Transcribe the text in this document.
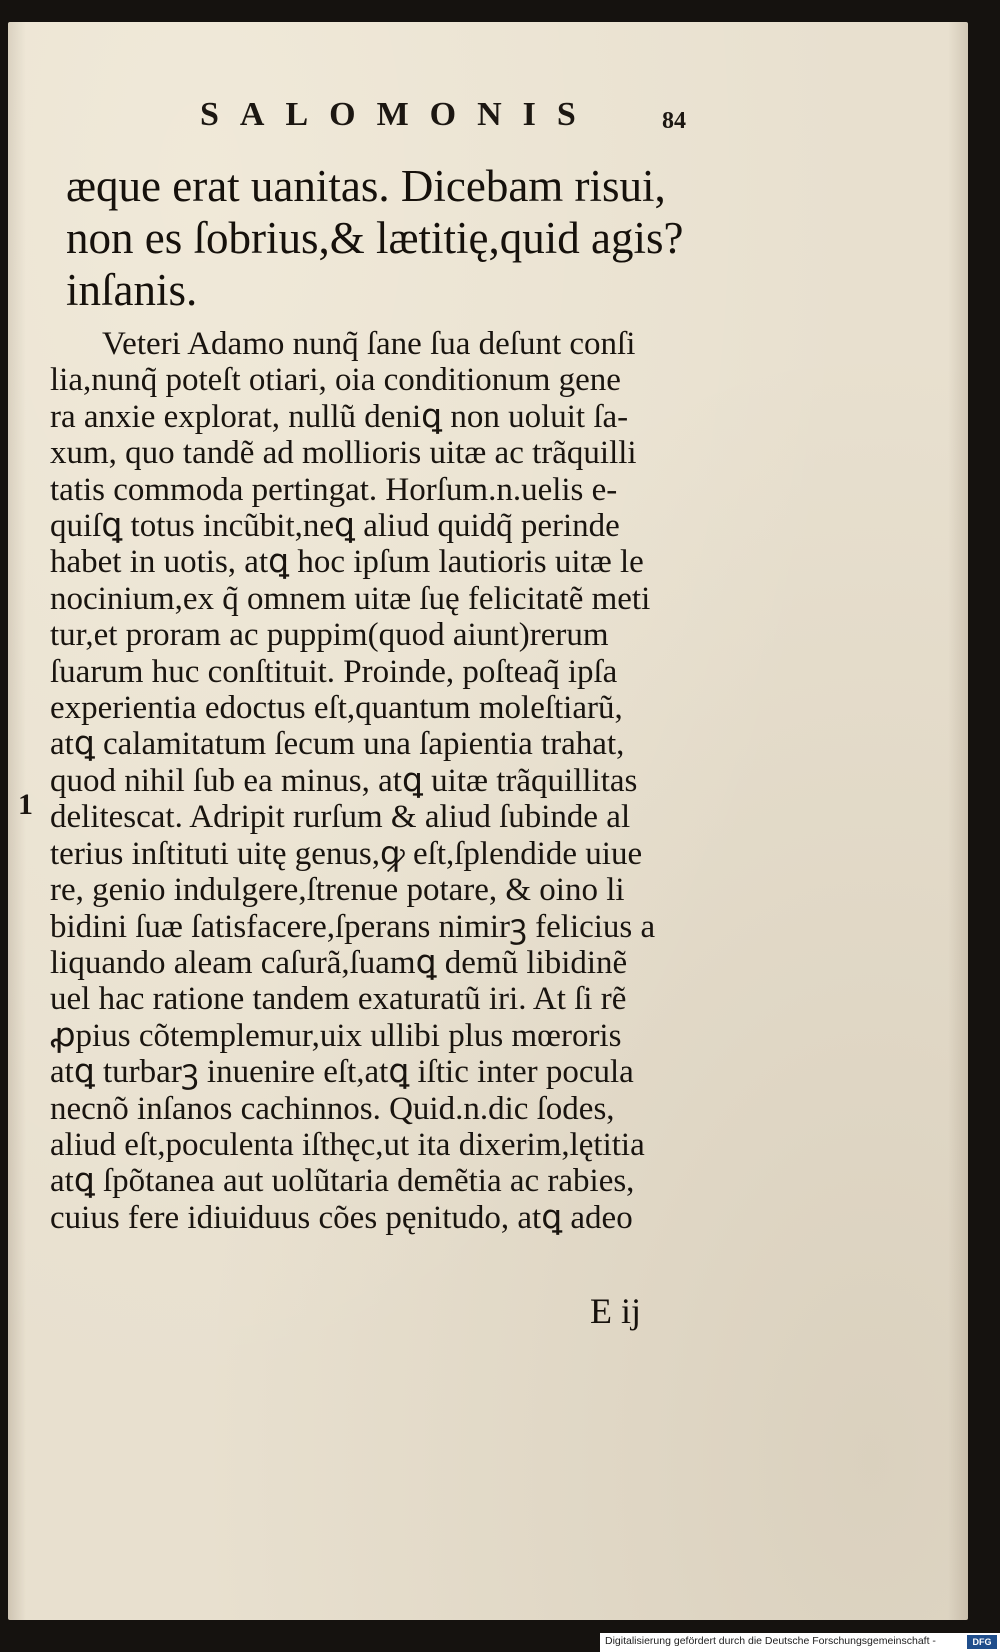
SALOMONIS	84
æque erat uanitas. Dicebam risui,
non es ſobrius,& lætitię,quid agis?
inſanis.
1
Veteri Adamo nunq̃ ſane ſua deſunt conſi
lia,nunq̃ poteſt otiari, oia conditionum gene
ra anxie explorat, nullũ deniꝗ non uoluit ſa-
xum, quo tandẽ ad mollioris uitæ ac trãquilli
tatis commoda pertingat. Horſum.n.uelis e-
quiſꝗ totus incũbit,neꝗ aliud quidq̃ perinde
habet in uotis, atꝗ hoc ipſum lautioris uitæ le
nocinium,ex q̃ omnem uitæ ſuę felicitatẽ meti
tur,et proram ac puppim(quod aiunt)rerum
ſuarum huc conſtituit. Proinde, poſteaq̃ ipſa
experientia edoctus eſt,quantum moleſtiarũ,
atꝗ calamitatum ſecum una ſapientia trahat,
quod nihil ſub ea minus, atꝗ uitæ trãquillitas
delitescat. Adripit rurſum & aliud ſubinde al
terius inſtituti uitę genus,ꝙ eſt,ſplendide uiue
re, genio indulgere,ſtrenue potare, & oino li
bidini ſuæ ſatisfacere,ſperans nimirꝫ felicius a
liquando aleam caſurã,ſuamꝗ demũ libidinẽ
uel hac ratione tandem exaturatũ iri. At ſi rẽ
ꝓpius cõtemplemur,uix ullibi plus mœroris
atꝗ turbarꝫ inuenire eſt,atꝗ iſtic inter pocula
necnõ inſanos cachinnos. Quid.n.dic ſodes,
aliud eſt,poculenta iſthęc,ut ita dixerim,lętitia
atꝗ ſpõtanea aut uolũtaria demẽtia ac rabies,
cuius fere idiuiduus cões pęnitudo, atꝗ adeo
E ij
Digitalisierung gefördert durch die Deutsche Forschungsgemeinschaft -	DFG
